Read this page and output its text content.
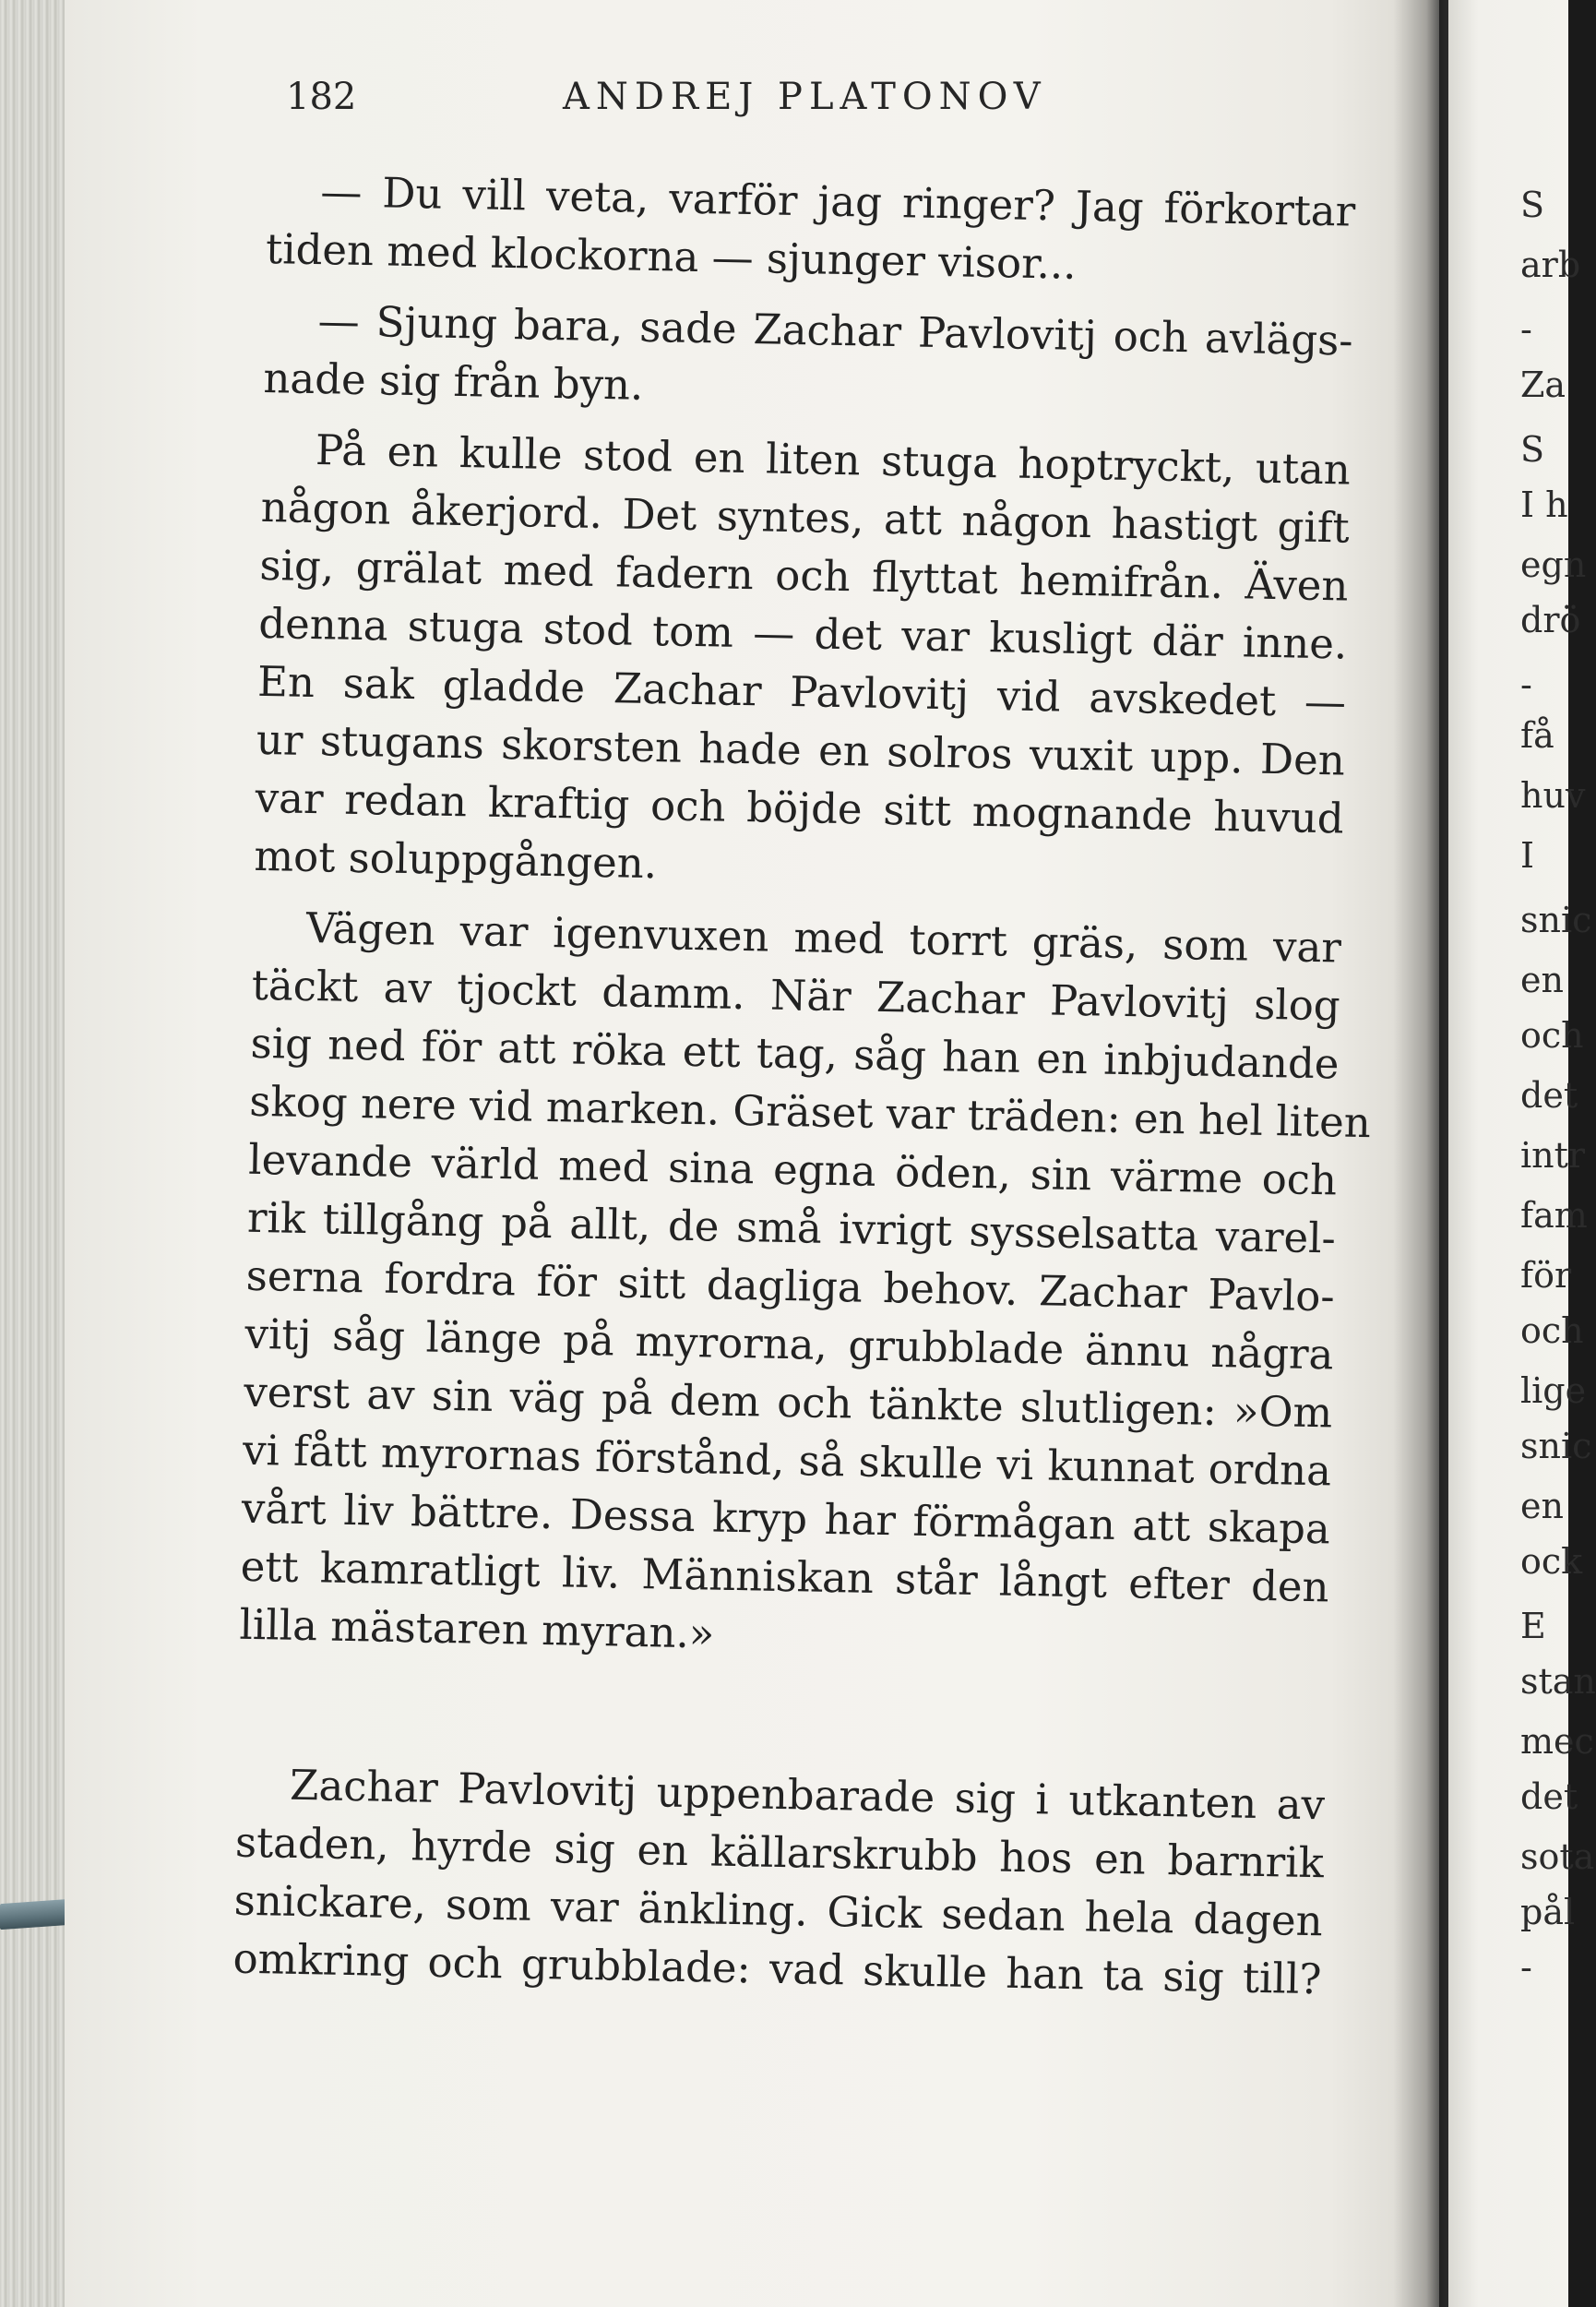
182	ANDREJ PLATONOV
— Du vill veta, varför jag ringer? Jag förkortar
tiden med klockorna — sjunger visor...
— Sjung bara, sade Zachar Pavlovitj och avlägs-
nade sig från byn.
På en kulle stod en liten stuga hoptryckt, utan
någon åkerjord. Det syntes, att någon hastigt gift
sig, grälat med fadern och flyttat hemifrån. Även
denna stuga stod tom — det var kusligt där inne.
En sak gladde Zachar Pavlovitj vid avskedet —
ur stugans skorsten hade en solros vuxit upp. Den
var redan kraftig och böjde sitt mognande huvud
mot soluppgången.
Vägen var igenvuxen med torrt gräs, som var
täckt av tjockt damm. När Zachar Pavlovitj slog
sig ned för att röka ett tag, såg han en inbjudande
skog nere vid marken. Gräset var träden: en hel liten
levande värld med sina egna öden, sin värme och
rik tillgång på allt, de små ivrigt sysselsatta varel-
serna fordra för sitt dagliga behov. Zachar Pavlo-
vitj såg länge på myrorna, grubblade ännu några
verst av sin väg på dem och tänkte slutligen: »Om
vi fått myrornas förstånd, så skulle vi kunnat ordna
vårt liv bättre. Dessa kryp har förmågan att skapa
ett kamratligt liv. Människan står långt efter den
lilla mästaren myran.»
Zachar Pavlovitj uppenbarade sig i utkanten av
staden, hyrde sig en källarskrubb hos en barnrik
snickare, som var änkling. Gick sedan hela dagen
omkring och grubblade: vad skulle han ta sig till?
S
arb
-
Za
S
I h
egn
drö
-
få
huv
I
snic
en
och
det
intr
fam
för
och
lige
snic
en
ock
E
stan
mec
det
sota
pål
-
